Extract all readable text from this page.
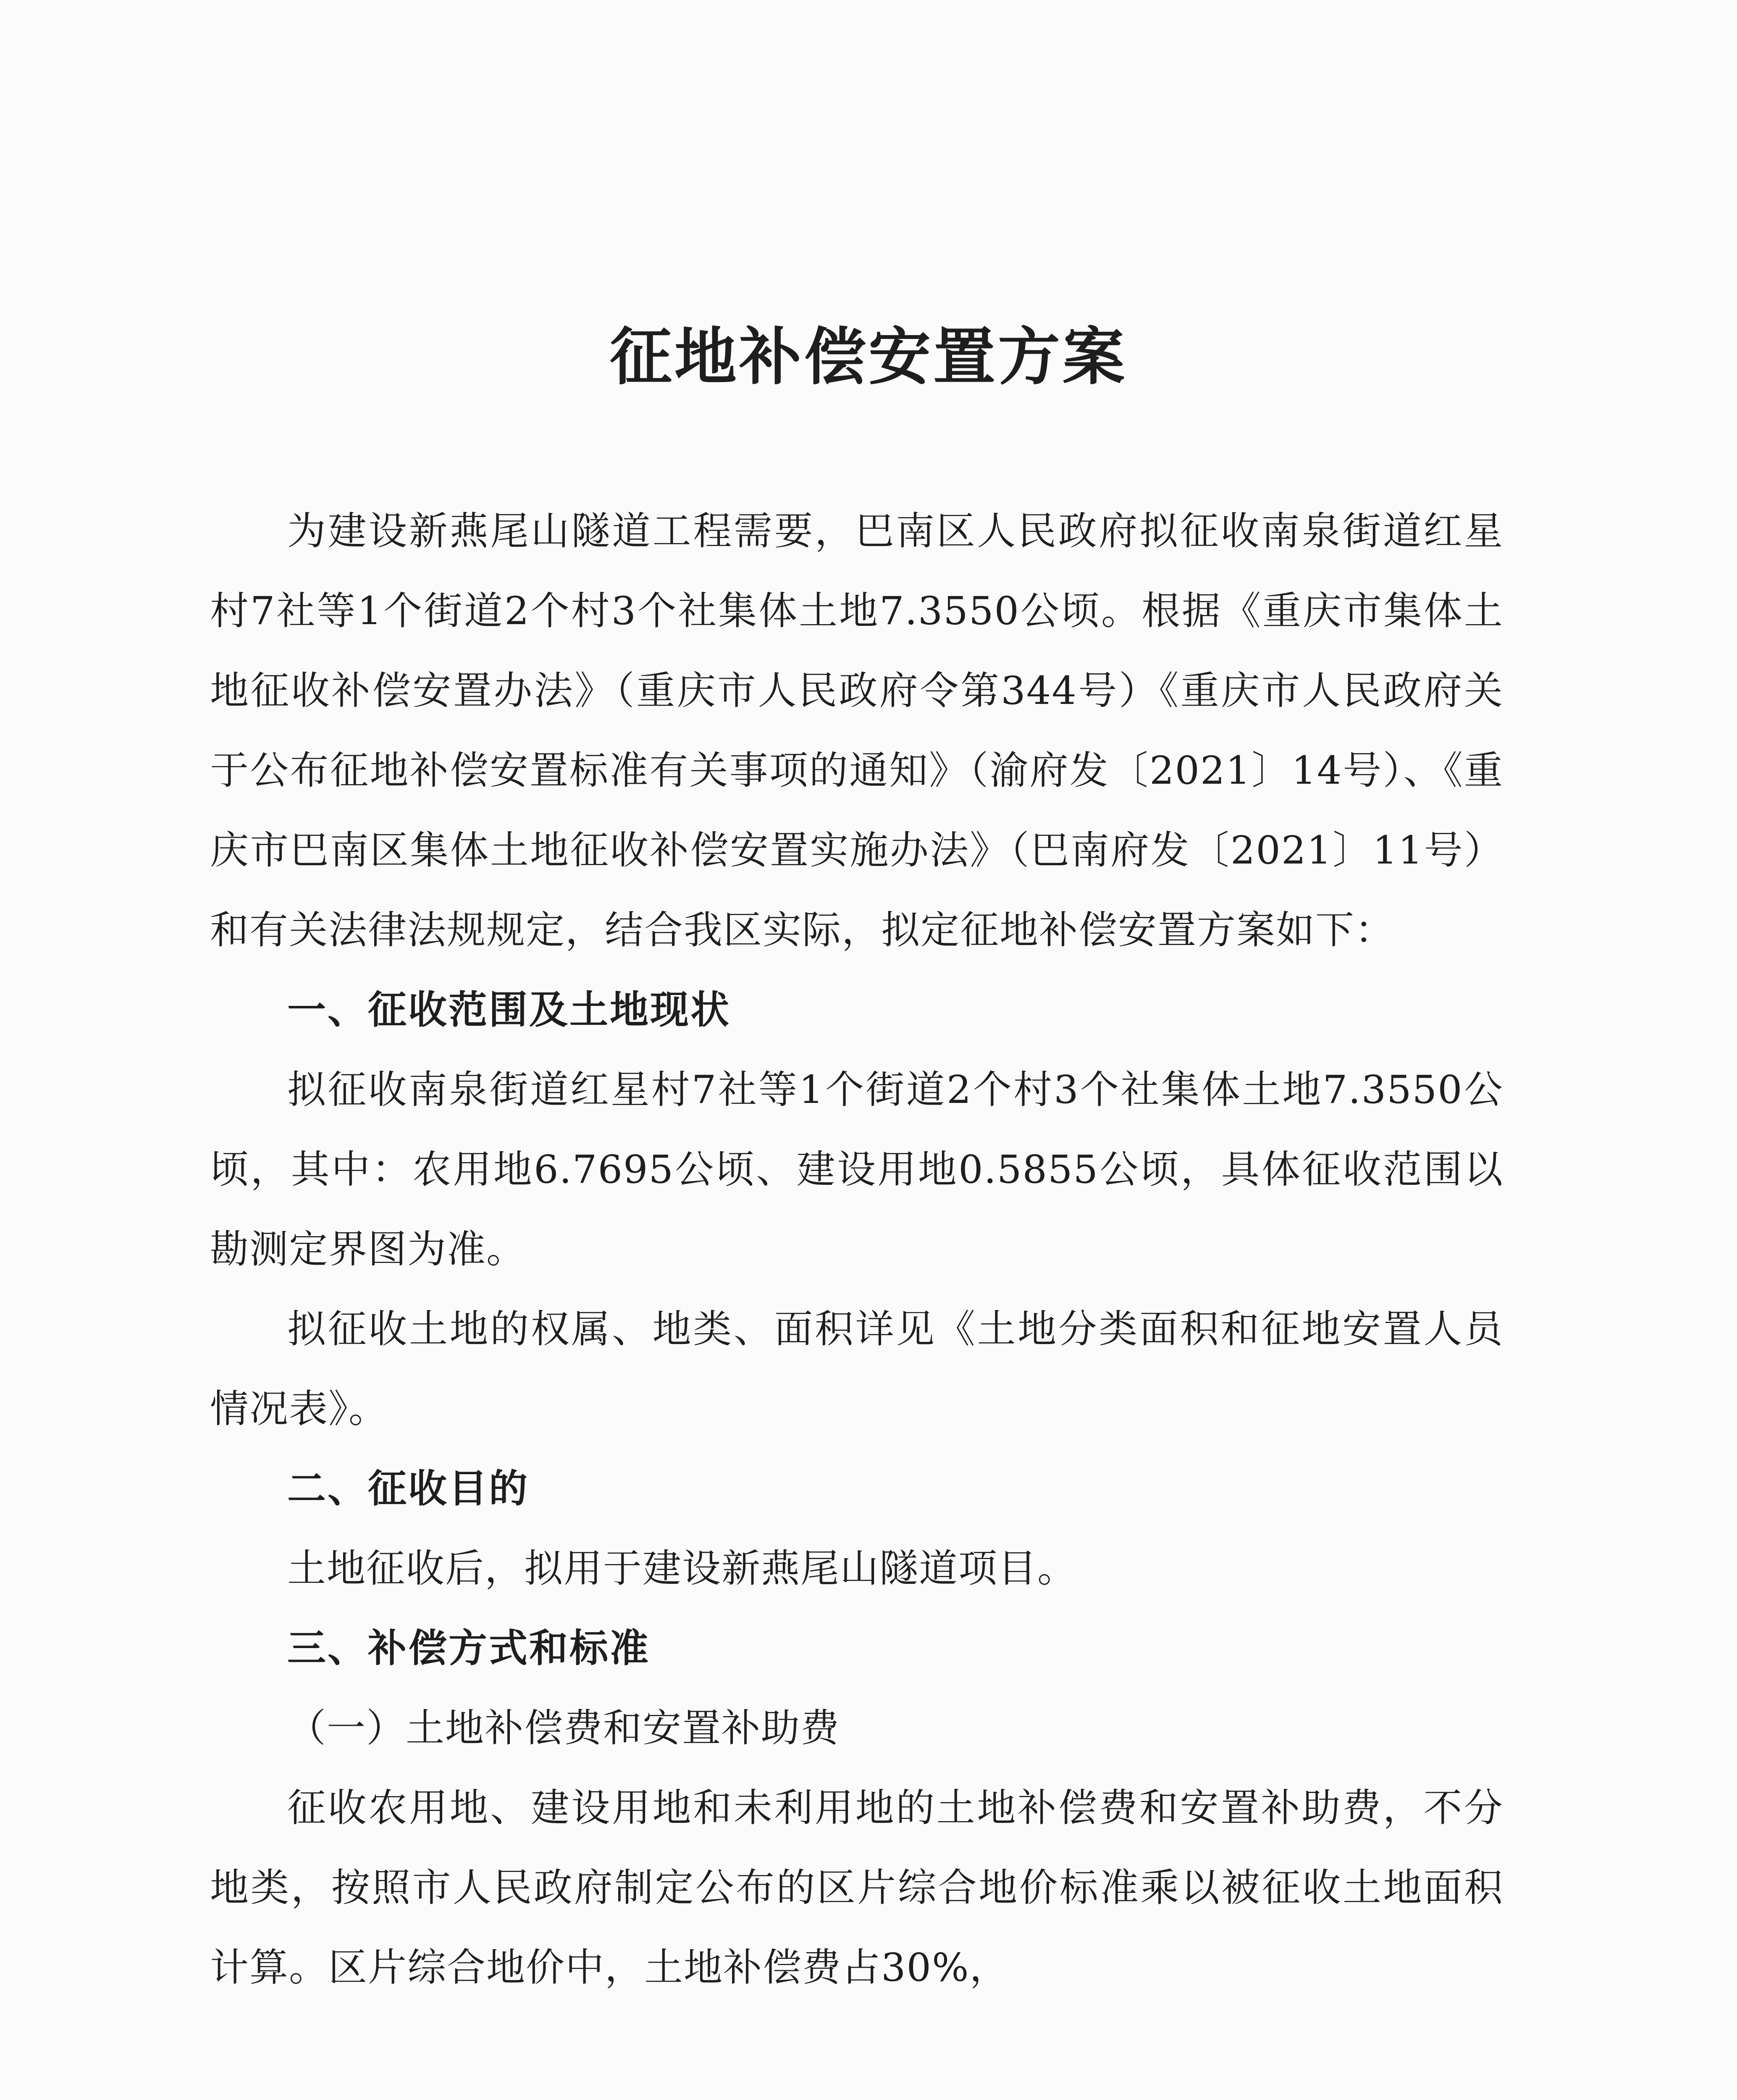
征地补偿安置方案

为建设新燕尾山隧道工程需要，巴南区人民政府拟征收南泉街道红星村7社等1个街道2个村3个社集体土地7.3550公顷。根据《重庆市集体土地征收补偿安置办法》（重庆市人民政府令第344号）《重庆市人民政府关于公布征地补偿安置标准有关事项的通知》（渝府发〔2021〕14号）、《重庆市巴南区集体土地征收补偿安置实施办法》（巴南府发〔2021〕11号）和有关法律法规规定，结合我区实际，拟定征地补偿安置方案如下：

一、征收范围及土地现状

拟征收南泉街道红星村7社等1个街道2个村3个社集体土地7.3550公顷，其中：农用地6.7695公顷、建设用地0.5855公顷，具体征收范围以勘测定界图为准。

拟征收土地的权属、地类、面积详见《土地分类面积和征地安置人员情况表》。

二、征收目的

土地征收后，拟用于建设新燕尾山隧道项目。

三、补偿方式和标准

（一）土地补偿费和安置补助费

征收农用地、建设用地和未利用地的土地补偿费和安置补助费，不分地类，按照市人民政府制定公布的区片综合地价标准乘以被征收土地面积计算。区片综合地价中，土地补偿费占30%，
